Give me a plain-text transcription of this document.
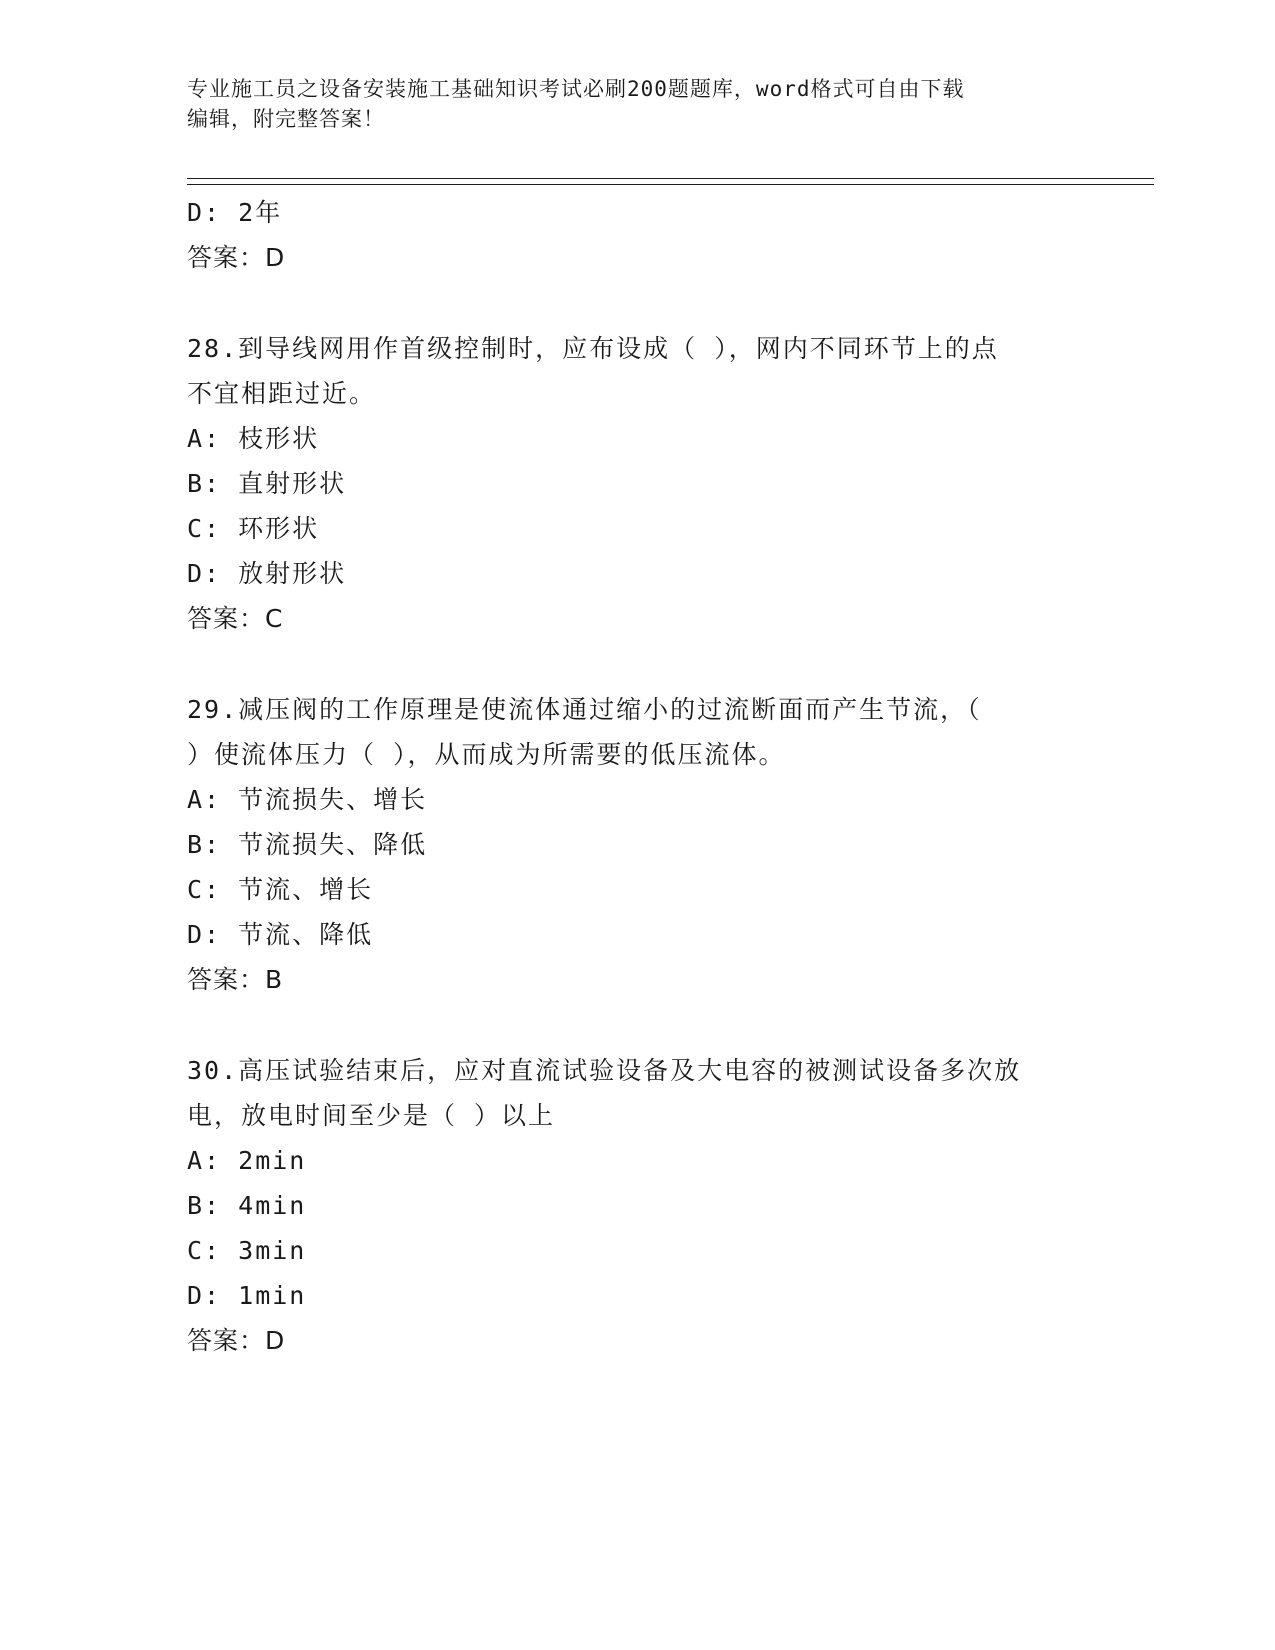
专业施工员之设备安装施工基础知识考试必刷200题题库，word格式可自由下载
编辑，附完整答案！
D: 2年
答案：D
28.到导线网用作首级控制时，应布设成（ ），网内不同环节上的点
不宜相距过近。
A: 枝形状
B: 直射形状
C: 环形状
D: 放射形状
答案：C
29.减压阀的工作原理是使流体通过缩小的过流断面而产生节流，（
）使流体压力（ ），从而成为所需要的低压流体。
A: 节流损失、增长
B: 节流损失、降低
C: 节流、增长
D: 节流、降低
答案：B
30.高压试验结束后，应对直流试验设备及大电容的被测试设备多次放
电，放电时间至少是（ ）以上
A: 2min
B: 4min
C: 3min
D: 1min
答案：D
